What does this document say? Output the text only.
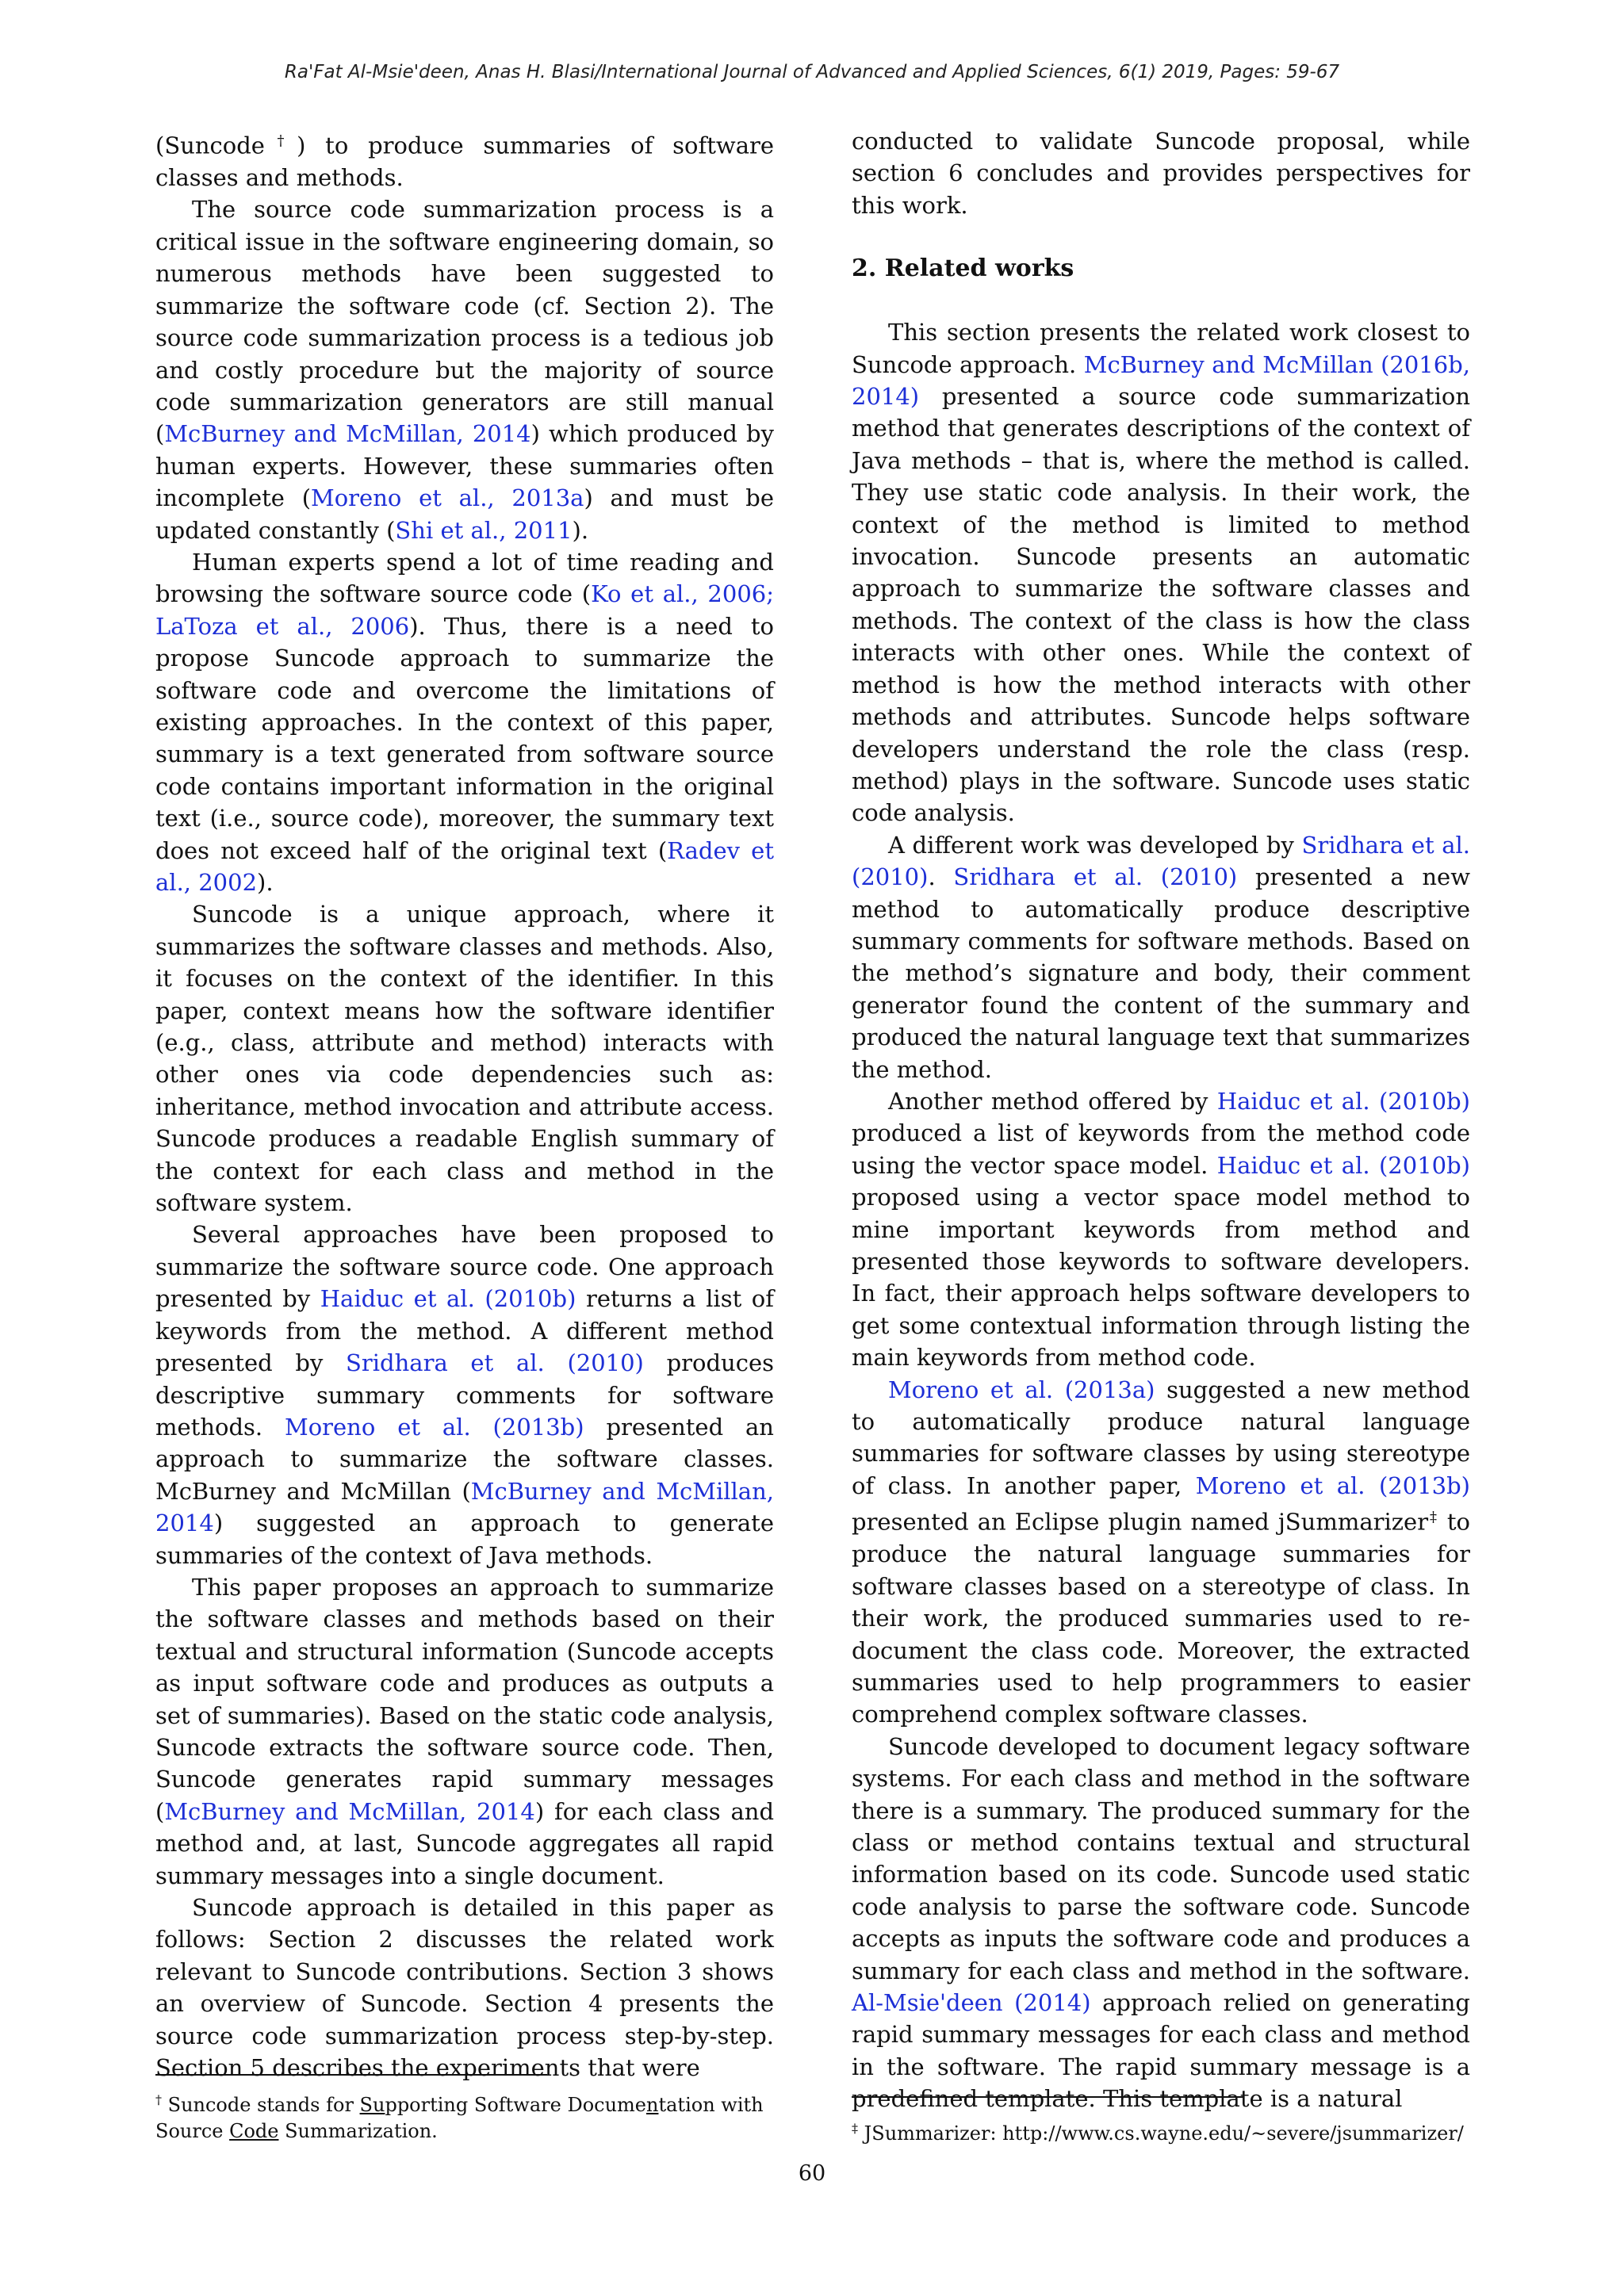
Ra'Fat Al-Msie'deen, Anas H. Blasi/International Journal of Advanced and Applied Sciences, 6(1) 2019, Pages: 59-67

(Suncode†) to produce summaries of software classes and methods.

The source code summarization process is a critical issue in the software engineering domain, so numerous methods have been suggested to summarize the software code (cf. Section 2). The source code summarization process is a tedious job and costly procedure but the majority of source code summarization generators are still manual (McBurney and McMillan, 2014) which produced by human experts. However, these summaries often incomplete (Moreno et al., 2013a) and must be updated constantly (Shi et al., 2011).

Human experts spend a lot of time reading and browsing the software source code (Ko et al., 2006; LaToza et al., 2006). Thus, there is a need to propose Suncode approach to summarize the software code and overcome the limitations of existing approaches. In the context of this paper, summary is a text generated from software source code contains important information in the original text (i.e., source code), moreover, the summary text does not exceed half of the original text (Radev et al., 2002).

Suncode is a unique approach, where it summarizes the software classes and methods. Also, it focuses on the context of the identifier. In this paper, context means how the software identifier (e.g., class, attribute and method) interacts with other ones via code dependencies such as: inheritance, method invocation and attribute access. Suncode produces a readable English summary of the context for each class and method in the software system.

Several approaches have been proposed to summarize the software source code. One approach presented by Haiduc et al. (2010b) returns a list of keywords from the method. A different method presented by Sridhara et al. (2010) produces descriptive summary comments for software methods. Moreno et al. (2013b) presented an approach to summarize the software classes. McBurney and McMillan (McBurney and McMillan, 2014) suggested an approach to generate summaries of the context of Java methods.

This paper proposes an approach to summarize the software classes and methods based on their textual and structural information (Suncode accepts as input software code and produces as outputs a set of summaries). Based on the static code analysis, Suncode extracts the software source code. Then, Suncode generates rapid summary messages (McBurney and McMillan, 2014) for each class and method and, at last, Suncode aggregates all rapid summary messages into a single document.

Suncode approach is detailed in this paper as follows: Section 2 discusses the related work relevant to Suncode contributions. Section 3 shows an overview of Suncode. Section 4 presents the source code summarization process step-by-step. Section 5 describes the experiments that were

conducted to validate Suncode proposal, while section 6 concludes and provides perspectives for this work.

2. Related works

This section presents the related work closest to Suncode approach. McBurney and McMillan (2016b, 2014) presented a source code summarization method that generates descriptions of the context of Java methods – that is, where the method is called. They use static code analysis. In their work, the context of the method is limited to method invocation. Suncode presents an automatic approach to summarize the software classes and methods. The context of the class is how the class interacts with other ones. While the context of method is how the method interacts with other methods and attributes. Suncode helps software developers understand the role the class (resp. method) plays in the software. Suncode uses static code analysis.

A different work was developed by Sridhara et al. (2010). Sridhara et al. (2010) presented a new method to automatically produce descriptive summary comments for software methods. Based on the method’s signature and body, their comment generator found the content of the summary and produced the natural language text that summarizes the method.

Another method offered by Haiduc et al. (2010b) produced a list of keywords from the method code using the vector space model. Haiduc et al. (2010b) proposed using a vector space model method to mine important keywords from method and presented those keywords to software developers. In fact, their approach helps software developers to get some contextual information through listing the main keywords from method code.

Moreno et al. (2013a) suggested a new method to automatically produce natural language summaries for software classes by using stereotype of class. In another paper, Moreno et al. (2013b) presented an Eclipse plugin named jSummarizer‡ to produce the natural language summaries for software classes based on a stereotype of class. In their work, the produced summaries used to re-document the class code. Moreover, the extracted summaries used to help programmers to easier comprehend complex software classes.

Suncode developed to document legacy software systems. For each class and method in the software there is a summary. The produced summary for the class or method contains textual and structural information based on its code. Suncode used static code analysis to parse the software code. Suncode accepts as inputs the software code and produces a summary for each class and method in the software. Al-Msie'deen (2014) approach relied on generating rapid summary messages for each class and method in the software. The rapid summary message is a predefined template. This template is a natural

† Suncode stands for Supporting Software Documentation with Source Code Summarization.	‡ JSummarizer: http://www.cs.wayne.edu/~severe/jsummarizer/

60
